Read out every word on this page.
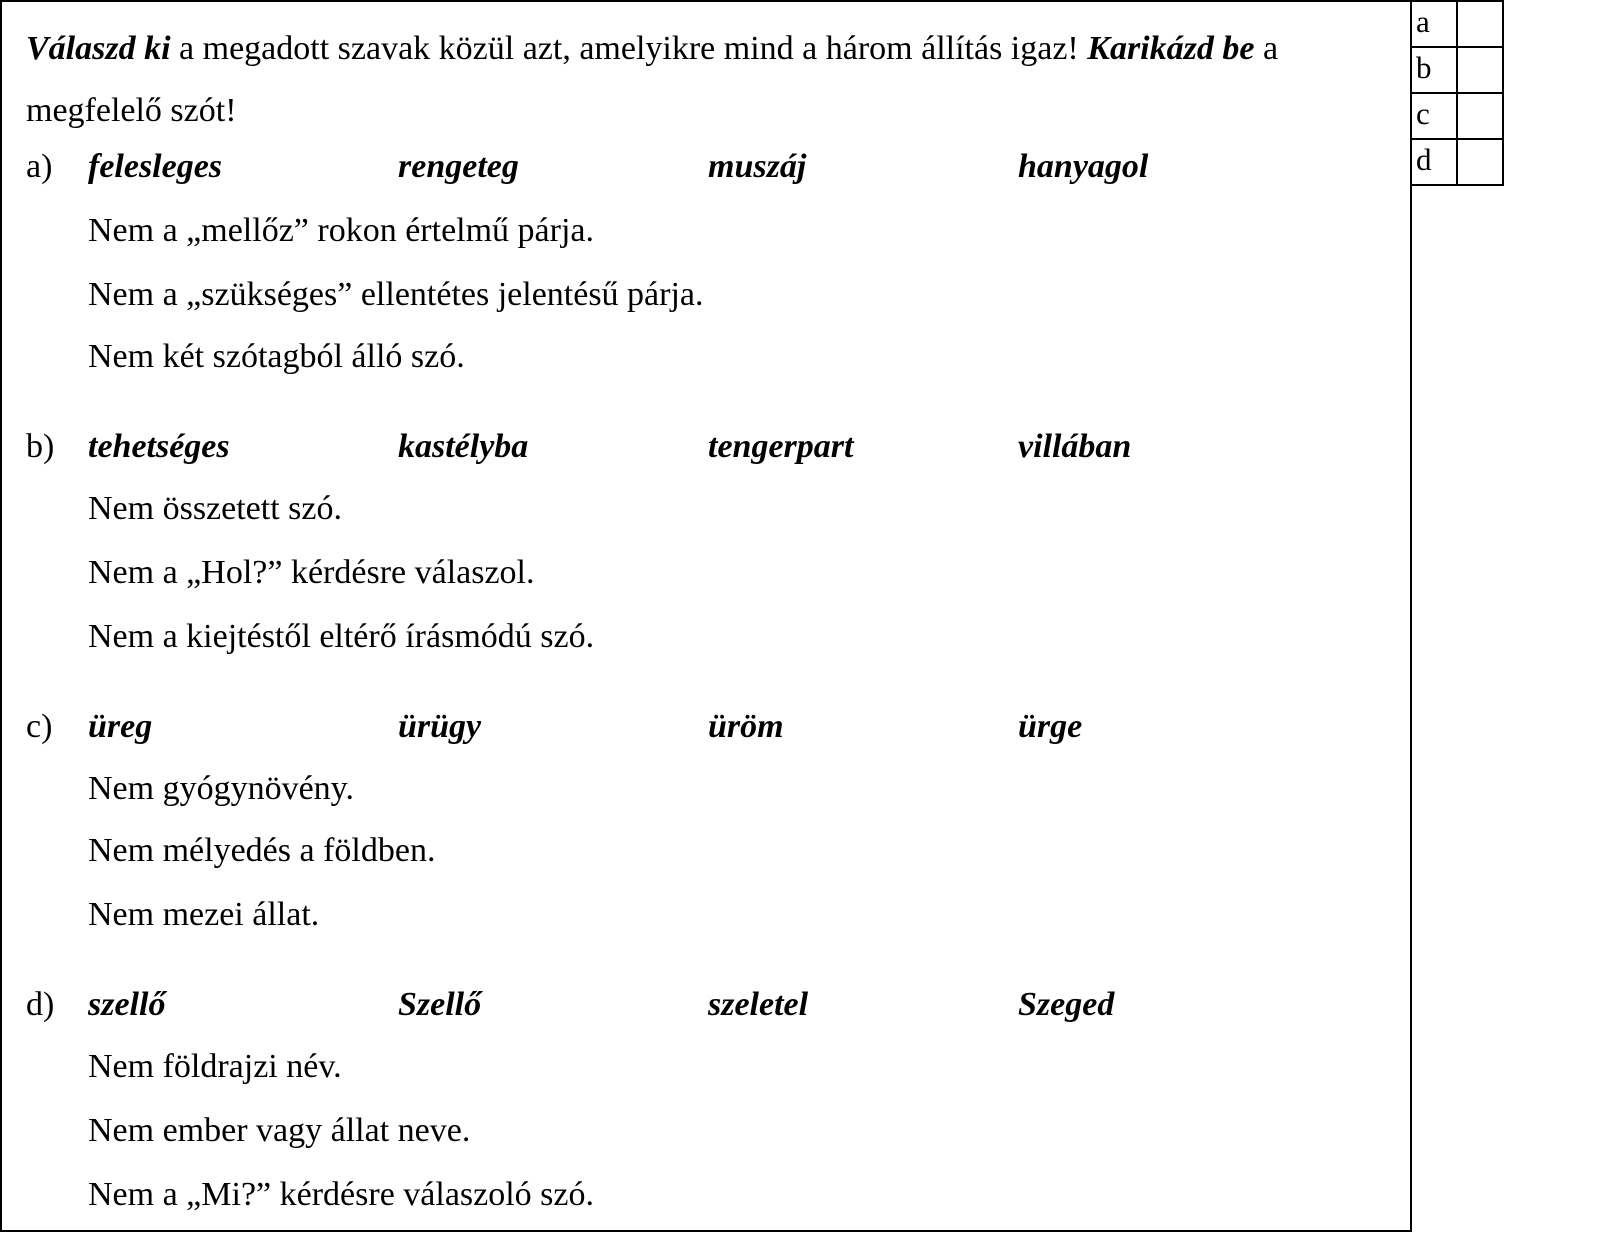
Válaszd ki a megadott szavak közül azt, amelyikre mind a három állítás igaz! Karikázd be a megfelelő szót!
a) felesleges	rengeteg	muszáj	hanyagol
Nem a „mellőz” rokon értelmű párja.
Nem a „szükséges” ellentétes jelentésű párja.
Nem két szótagból álló szó.
b) tehetséges	kastélyba	tengerpart	villában
Nem összetett szó.
Nem a „Hol?” kérdésre válaszol.
Nem a kiejtéstől eltérő írásmódú szó.
c) üreg	ürügy	üröm	ürge
Nem gyógynövény.
Nem mélyedés a földben.
Nem mezei állat.
d) szellő	Szellő	szeletel	Szeged
Nem földrajzi név.
Nem ember vagy állat neve.
Nem a „Mi?” kérdésre válaszoló szó.
a	
b	
c	
d	
